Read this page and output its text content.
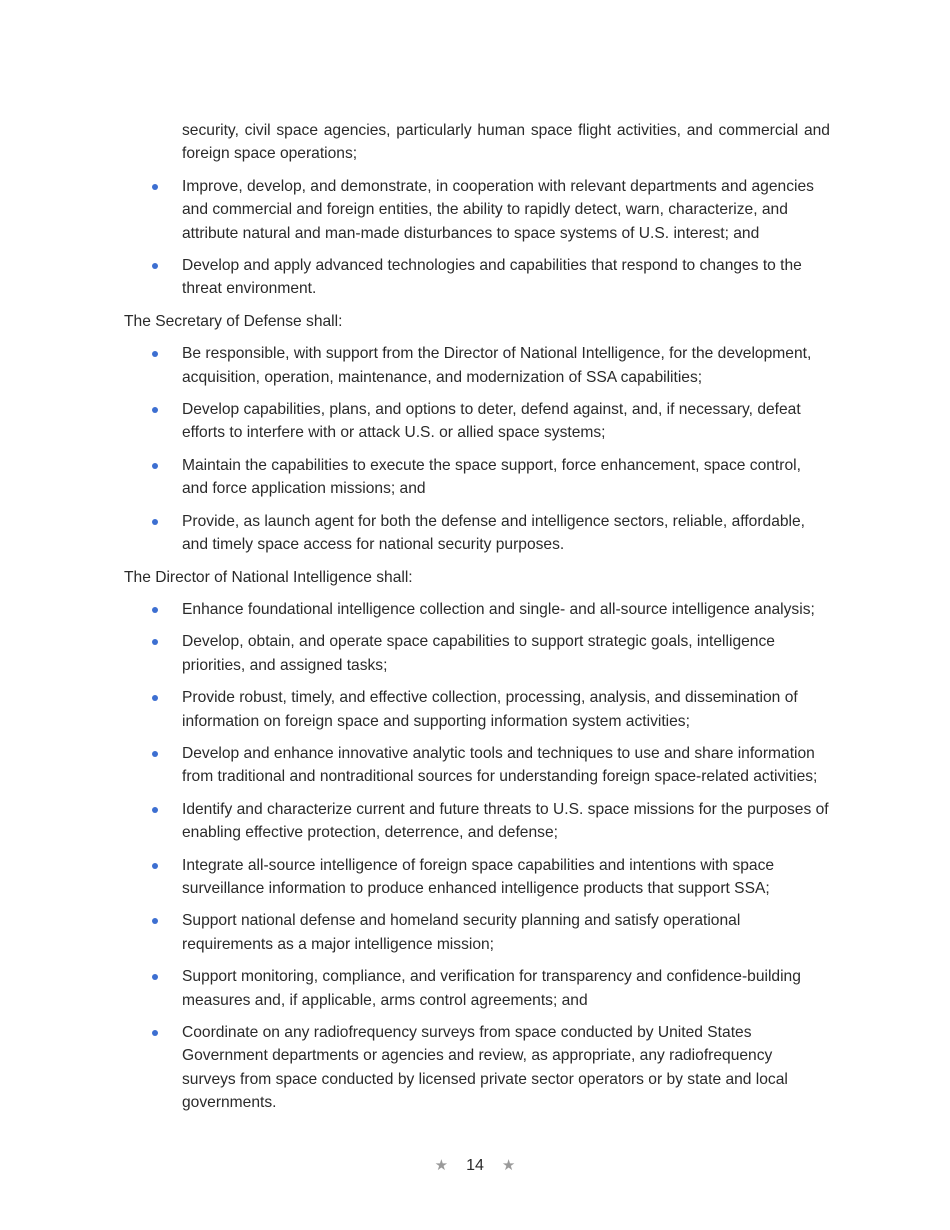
security, civil space agencies, particularly human space flight activities, and commercial and foreign space operations;

Improve, develop, and demonstrate, in cooperation with relevant departments and agencies and commercial and foreign entities, the ability to rapidly detect, warn, characterize, and attribute natural and man-made disturbances to space systems of U.S. interest; and
Develop and apply advanced technologies and capabilities that respond to changes to the threat environment.

The Secretary of Defense shall:

Be responsible, with support from the Director of National Intelligence, for the development, acquisition, operation, maintenance, and modernization of SSA capabilities;
Develop capabilities, plans, and options to deter, defend against, and, if necessary, defeat efforts to interfere with or attack U.S. or allied space systems;
Maintain the capabilities to execute the space support, force enhancement, space control, and force application missions; and
Provide, as launch agent for both the defense and intelligence sectors, reliable, affordable, and timely space access for national security purposes.

The Director of National Intelligence shall:

Enhance foundational intelligence collection and single- and all-source intelligence analysis;
Develop, obtain, and operate space capabilities to support strategic goals, intelligence priorities, and assigned tasks;
Provide robust, timely, and effective collection, processing, analysis, and dissemination of information on foreign space and supporting information system activities;
Develop and enhance innovative analytic tools and techniques to use and share information from traditional and nontraditional sources for understanding foreign space-related activities;
Identify and characterize current and future threats to U.S. space missions for the purposes of enabling effective protection, deterrence, and defense;
Integrate all-source intelligence of foreign space capabilities and intentions with space surveillance information to produce enhanced intelligence products that support SSA;
Support national defense and homeland security planning and satisfy operational requirements as a major intelligence mission;
Support monitoring, compliance, and verification for transparency and confidence-building measures and, if applicable, arms control agreements; and
Coordinate on any radiofrequency surveys from space conducted by United States Government departments or agencies and review, as appropriate, any radiofrequency surveys from space conducted by licensed private sector operators or by state and local governments.
★ 14 ★
